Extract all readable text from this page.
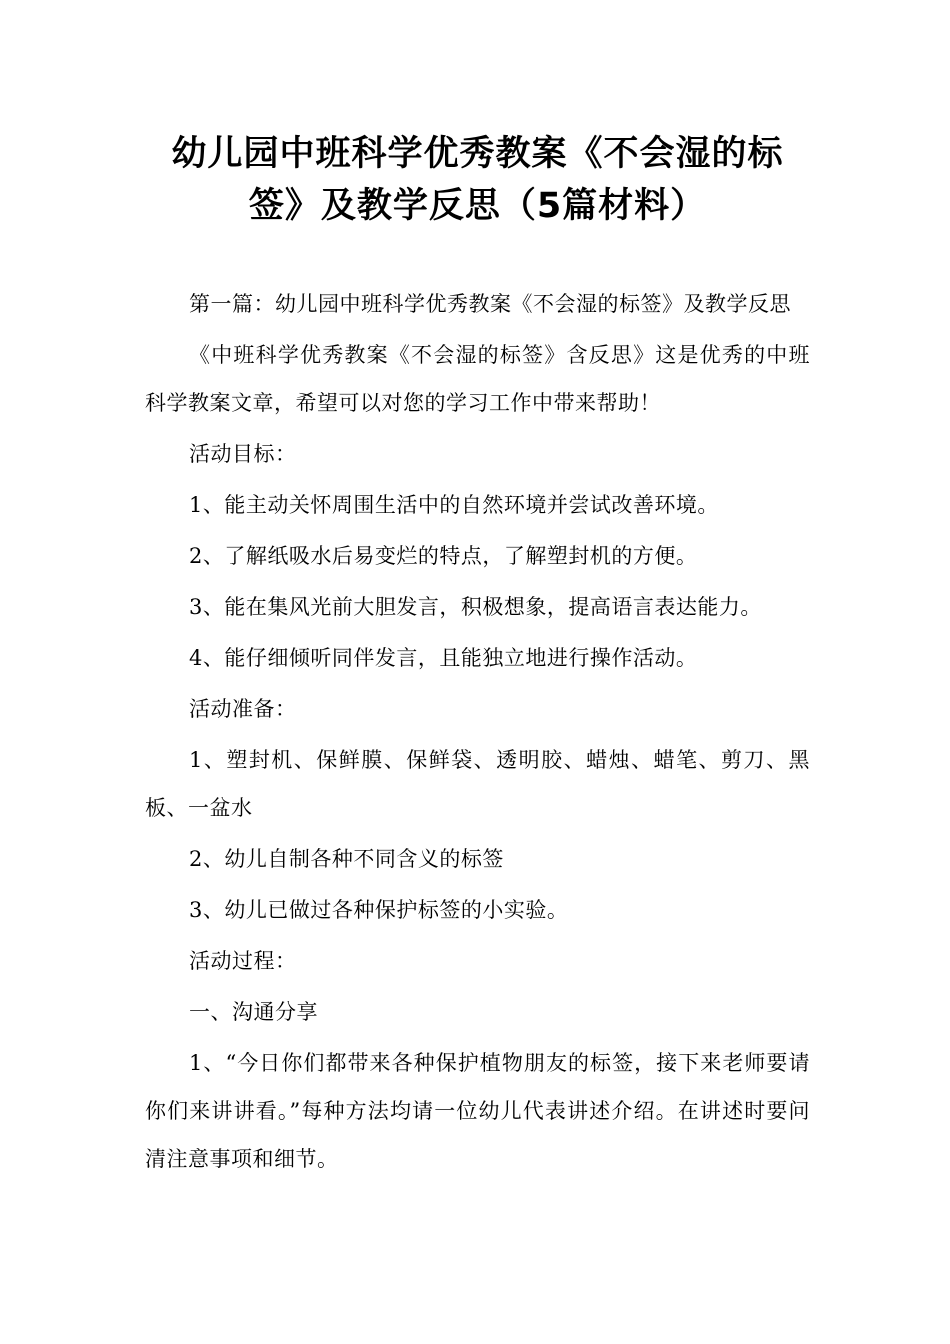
幼儿园中班科学优秀教案《不会湿的标
签》及教学反思（5篇材料）

第一篇：幼儿园中班科学优秀教案《不会湿的标签》及教学反思

《中班科学优秀教案《不会湿的标签》含反思》这是优秀的中班科学教案文章，希望可以对您的学习工作中带来帮助！

活动目标：

1、能主动关怀周围生活中的自然环境并尝试改善环境。

2、了解纸吸水后易变烂的特点，了解塑封机的方便。

3、能在集风光前大胆发言，积极想象，提高语言表达能力。

4、能仔细倾听同伴发言，且能独立地进行操作活动。

活动准备：

1、塑封机、保鲜膜、保鲜袋、透明胶、蜡烛、蜡笔、剪刀、黑板、一盆水

2、幼儿自制各种不同含义的标签

3、幼儿已做过各种保护标签的小实验。

活动过程：

一、沟通分享

1、“今日你们都带来各种保护植物朋友的标签，接下来老师要请你们来讲讲看。”每种方法均请一位幼儿代表讲述介绍。在讲述时要问清注意事项和细节。
